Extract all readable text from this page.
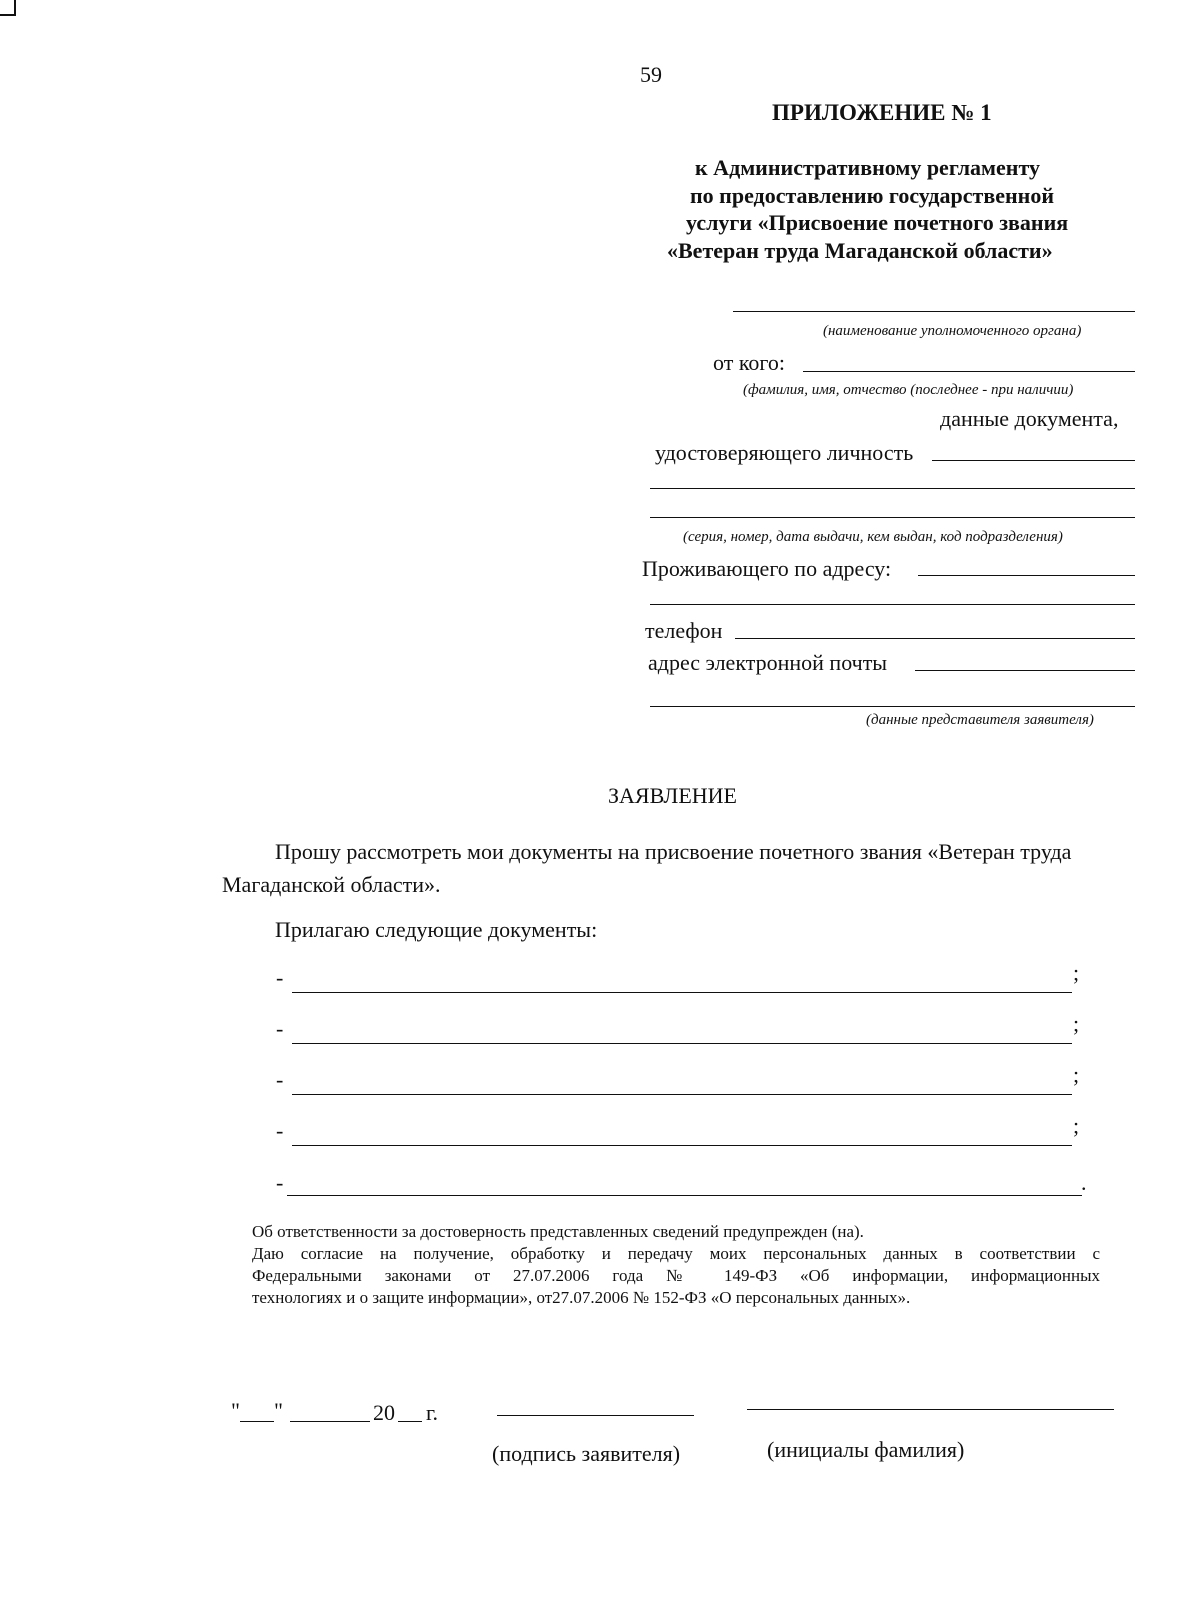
59
ПРИЛОЖЕНИЕ № 1
к Административному регламенту
по предоставлению государственной
услуги «Присвоение почетного звания
«Ветеран труда Магаданской области»
(наименование уполномоченного органа)
от кого:
(фамилия, имя, отчество (последнее - при наличии)
данные документа,
удостоверяющего личность
(серия, номер, дата выдачи, кем выдан, код подразделения)
Проживающего по адресу:
телефон
адрес электронной почты
(данные представителя заявителя)
ЗАЯВЛЕНИЕ
Прошу рассмотреть мои документы на присвоение почетного звания «Ветеран труда
Магаданской области».
Прилагаю следующие документы:
-	;
-	;
-	;
-	;
-	.
Об ответственности за достоверность представленных сведений предупрежден (на).
Даю согласие на получение, обработку и передачу моих персональных данных в соответствии с
Федеральными законами от 27.07.2006 года № 149-ФЗ «Об информации, информационных
технологиях и о защите информации», от27.07.2006 № 152-ФЗ «О персональных данных».
" "	20 г.
(подпись заявителя)	(инициалы фамилия)
